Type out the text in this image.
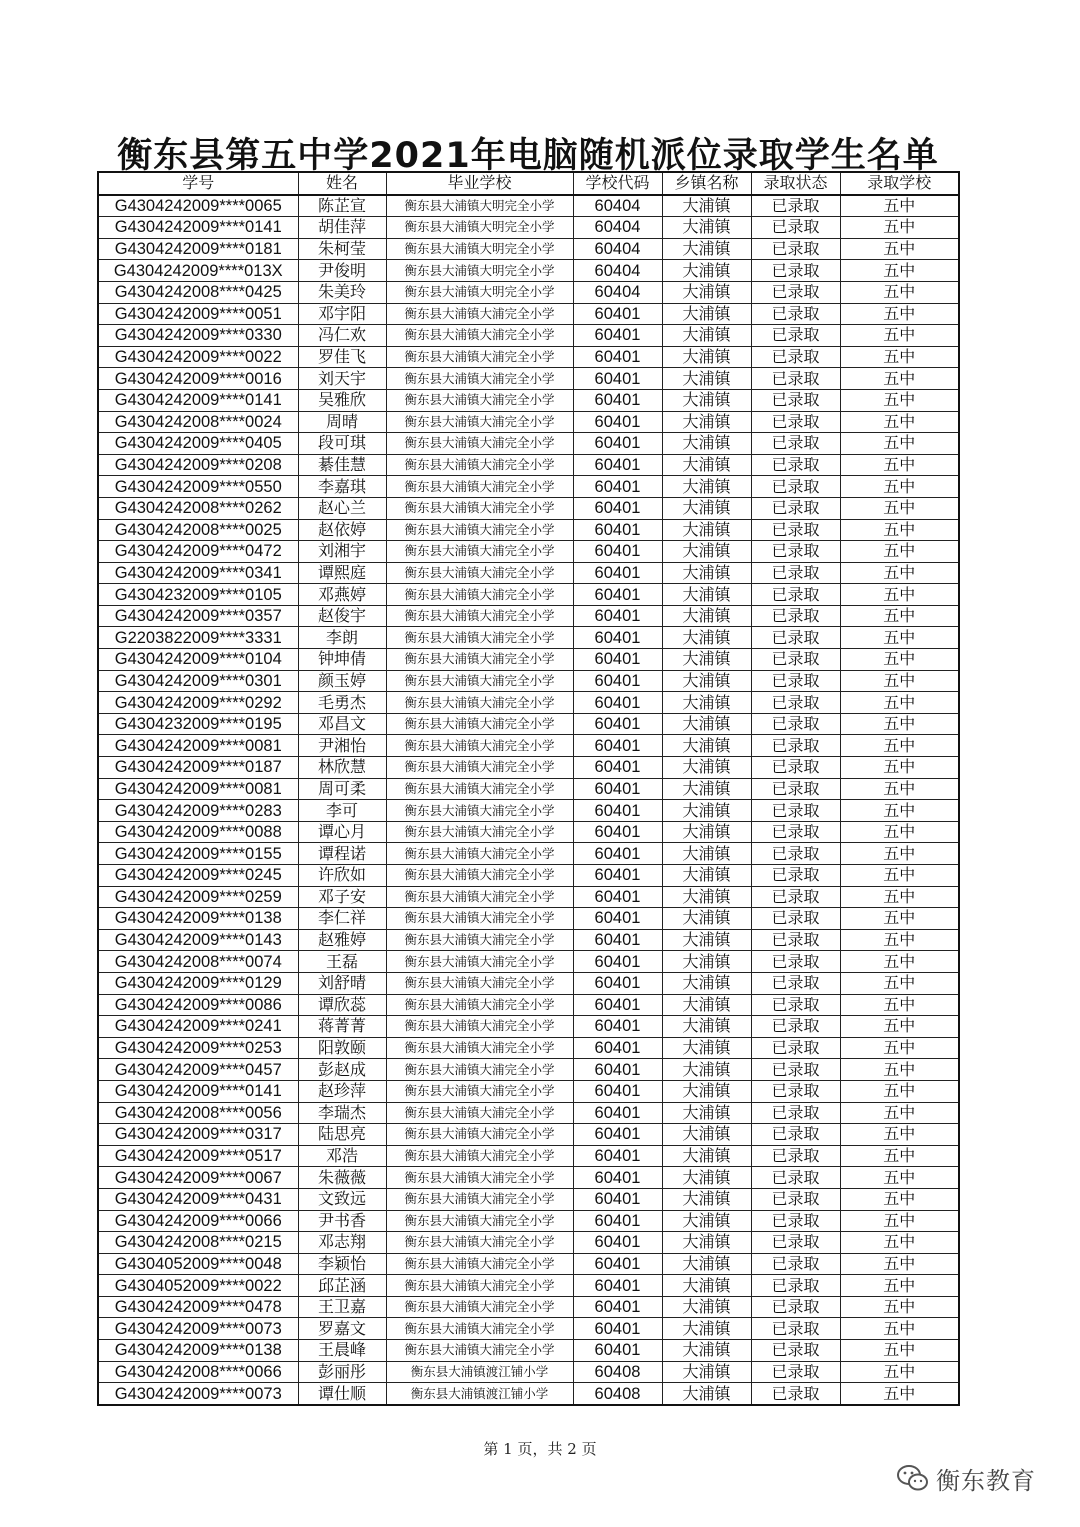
衡东县第五中学2021年电脑随机派位录取学生名单
学号	姓名	毕业学校	学校代码	乡镇名称	录取状态	录取学校
G4304242009****0065	陈芷宣	衡东县大浦镇大明完全小学	60404	大浦镇	已录取	五中
G4304242009****0141	胡佳萍	衡东县大浦镇大明完全小学	60404	大浦镇	已录取	五中
G4304242009****0181	朱柯莹	衡东县大浦镇大明完全小学	60404	大浦镇	已录取	五中
G4304242009****013X	尹俊明	衡东县大浦镇大明完全小学	60404	大浦镇	已录取	五中
G4304242008****0425	朱美玲	衡东县大浦镇大明完全小学	60404	大浦镇	已录取	五中
G4304242009****0051	邓宇阳	衡东县大浦镇大浦完全小学	60401	大浦镇	已录取	五中
G4304242009****0330	冯仁欢	衡东县大浦镇大浦完全小学	60401	大浦镇	已录取	五中
G4304242009****0022	罗佳飞	衡东县大浦镇大浦完全小学	60401	大浦镇	已录取	五中
G4304242009****0016	刘天宇	衡东县大浦镇大浦完全小学	60401	大浦镇	已录取	五中
G4304242009****0141	吴雅欣	衡东县大浦镇大浦完全小学	60401	大浦镇	已录取	五中
G4304242008****0024	周晴	衡东县大浦镇大浦完全小学	60401	大浦镇	已录取	五中
G4304242009****0405	段可琪	衡东县大浦镇大浦完全小学	60401	大浦镇	已录取	五中
G4304242009****0208	綦佳慧	衡东县大浦镇大浦完全小学	60401	大浦镇	已录取	五中
G4304242009****0550	李嘉琪	衡东县大浦镇大浦完全小学	60401	大浦镇	已录取	五中
G4304242008****0262	赵心兰	衡东县大浦镇大浦完全小学	60401	大浦镇	已录取	五中
G4304242008****0025	赵依婷	衡东县大浦镇大浦完全小学	60401	大浦镇	已录取	五中
G4304242009****0472	刘湘宇	衡东县大浦镇大浦完全小学	60401	大浦镇	已录取	五中
G4304242009****0341	谭熙庭	衡东县大浦镇大浦完全小学	60401	大浦镇	已录取	五中
G4304232009****0105	邓燕婷	衡东县大浦镇大浦完全小学	60401	大浦镇	已录取	五中
G4304242009****0357	赵俊宇	衡东县大浦镇大浦完全小学	60401	大浦镇	已录取	五中
G2203822009****3331	李朗	衡东县大浦镇大浦完全小学	60401	大浦镇	已录取	五中
G4304242009****0104	钟坤倩	衡东县大浦镇大浦完全小学	60401	大浦镇	已录取	五中
G4304242009****0301	颜玉婷	衡东县大浦镇大浦完全小学	60401	大浦镇	已录取	五中
G4304242009****0292	毛勇杰	衡东县大浦镇大浦完全小学	60401	大浦镇	已录取	五中
G4304232009****0195	邓昌文	衡东县大浦镇大浦完全小学	60401	大浦镇	已录取	五中
G4304242009****0081	尹湘怡	衡东县大浦镇大浦完全小学	60401	大浦镇	已录取	五中
G4304242009****0187	林欣慧	衡东县大浦镇大浦完全小学	60401	大浦镇	已录取	五中
G4304242009****0081	周可柔	衡东县大浦镇大浦完全小学	60401	大浦镇	已录取	五中
G4304242009****0283	李可	衡东县大浦镇大浦完全小学	60401	大浦镇	已录取	五中
G4304242009****0088	谭心月	衡东县大浦镇大浦完全小学	60401	大浦镇	已录取	五中
G4304242009****0155	谭程诺	衡东县大浦镇大浦完全小学	60401	大浦镇	已录取	五中
G4304242009****0245	许欣如	衡东县大浦镇大浦完全小学	60401	大浦镇	已录取	五中
G4304242009****0259	邓子安	衡东县大浦镇大浦完全小学	60401	大浦镇	已录取	五中
G4304242009****0138	李仁祥	衡东县大浦镇大浦完全小学	60401	大浦镇	已录取	五中
G4304242009****0143	赵雅婷	衡东县大浦镇大浦完全小学	60401	大浦镇	已录取	五中
G4304242008****0074	王磊	衡东县大浦镇大浦完全小学	60401	大浦镇	已录取	五中
G4304242009****0129	刘舒晴	衡东县大浦镇大浦完全小学	60401	大浦镇	已录取	五中
G4304242009****0086	谭欣蕊	衡东县大浦镇大浦完全小学	60401	大浦镇	已录取	五中
G4304242009****0241	蒋菁菁	衡东县大浦镇大浦完全小学	60401	大浦镇	已录取	五中
G4304242009****0253	阳敦颐	衡东县大浦镇大浦完全小学	60401	大浦镇	已录取	五中
G4304242009****0457	彭赵成	衡东县大浦镇大浦完全小学	60401	大浦镇	已录取	五中
G4304242009****0141	赵珍萍	衡东县大浦镇大浦完全小学	60401	大浦镇	已录取	五中
G4304242008****0056	李瑞杰	衡东县大浦镇大浦完全小学	60401	大浦镇	已录取	五中
G4304242009****0317	陆思亮	衡东县大浦镇大浦完全小学	60401	大浦镇	已录取	五中
G4304242009****0517	邓浩	衡东县大浦镇大浦完全小学	60401	大浦镇	已录取	五中
G4304242009****0067	朱薇薇	衡东县大浦镇大浦完全小学	60401	大浦镇	已录取	五中
G4304242009****0431	文致远	衡东县大浦镇大浦完全小学	60401	大浦镇	已录取	五中
G4304242009****0066	尹书香	衡东县大浦镇大浦完全小学	60401	大浦镇	已录取	五中
G4304242008****0215	邓志翔	衡东县大浦镇大浦完全小学	60401	大浦镇	已录取	五中
G4304052009****0048	李颖怡	衡东县大浦镇大浦完全小学	60401	大浦镇	已录取	五中
G4304052009****0022	邱芷涵	衡东县大浦镇大浦完全小学	60401	大浦镇	已录取	五中
G4304242009****0478	王卫嘉	衡东县大浦镇大浦完全小学	60401	大浦镇	已录取	五中
G4304242009****0073	罗嘉文	衡东县大浦镇大浦完全小学	60401	大浦镇	已录取	五中
G4304242009****0138	王晨峰	衡东县大浦镇大浦完全小学	60401	大浦镇	已录取	五中
G4304242008****0066	彭丽彤	衡东县大浦镇渡江铺小学	60408	大浦镇	已录取	五中
G4304242009****0073	谭仕顺	衡东县大浦镇渡江铺小学	60408	大浦镇	已录取	五中
第 1 页，共 2 页
衡东教育
